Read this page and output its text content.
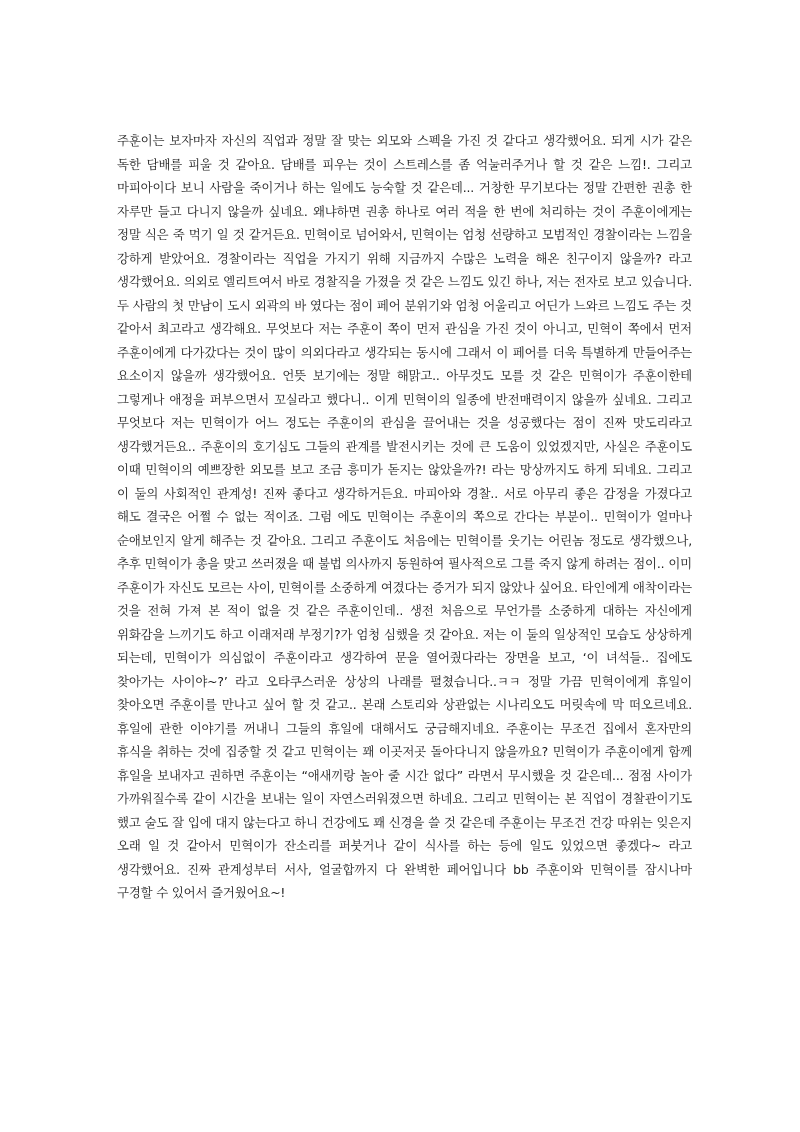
주훈이는 보자마자 자신의 직업과 정말 잘 맞는 외모와 스펙을 가진 것 같다고 생각했어요. 되게 시가 같은 독한 담배를 피울 것 같아요. 담배를 피우는 것이 스트레스를 좀 억눌러주거나 할 것 같은 느낌!. 그리고 마피아이다 보니 사람을 죽이거나 하는 일에도 능숙할 것 같은데... 거창한 무기보다는 정말 간편한 권총 한 자루만 들고 다니지 않을까 싶네요. 왜냐하면 권총 하나로 여러 적을 한 번에 처리하는 것이 주훈이에게는 정말 식은 죽 먹기 일 것 같거든요. 민혁이로 넘어와서, 민혁이는 엄청 선량하고 모범적인 경찰이라는 느낌을 강하게 받았어요. 경찰이라는 직업을 가지기 위해 지금까지 수많은 노력을 해온 친구이지 않을까? 라고 생각했어요. 의외로 엘리트여서 바로 경찰직을 가졌을 것 같은 느낌도 있긴 하나, 저는 전자로 보고 있습니다. 두 사람의 첫 만남이 도시 외곽의 바 였다는 점이 페어 분위기와 엄청 어울리고 어딘가 느와르 느낌도 주는 것 같아서 최고라고 생각해요. 무엇보다 저는 주훈이 쪽이 먼저 관심을 가진 것이 아니고, 민혁이 쪽에서 먼저 주훈이에게 다가갔다는 것이 많이 의외다라고 생각되는 동시에 그래서 이 페어를 더욱 특별하게 만들어주는 요소이지 않을까 생각했어요. 언뜻 보기에는 정말 해맑고.. 아무것도 모를 것 같은 민혁이가 주훈이한테 그렇게나 애정을 퍼부으면서 꼬실라고 했다니.. 이게 민혁이의 일종에 반전매력이지 않을까 싶네요. 그리고 무엇보다 저는 민혁이가 어느 정도는 주훈이의 관심을 끌어내는 것을 성공했다는 점이 진짜 맛도리라고 생각했거든요.. 주훈이의 호기심도 그들의 관계를 발전시키는 것에 큰 도움이 있었겠지만, 사실은 주훈이도 이때 민혁이의 예쁘장한 외모를 보고 조금 흥미가 돋지는 않았을까?! 라는 망상까지도 하게 되네요. 그리고 이 둘의 사회적인 관계성! 진짜 좋다고 생각하거든요. 마피아와 경찰.. 서로 아무리 좋은 감정을 가졌다고 해도 결국은 어쩔 수 없는 적이죠. 그럼 에도 민혁이는 주훈이의 쪽으로 간다는 부분이.. 민혁이가 얼마나 순애보인지 알게 해주는 것 같아요. 그리고 주훈이도 처음에는 민혁이를 웃기는 어린놈 정도로 생각했으나, 추후 민혁이가 총을 맞고 쓰러졌을 때 불법 의사까지 동원하여 필사적으로 그를 죽지 않게 하려는 점이.. 이미 주훈이가 자신도 모르는 사이, 민혁이를 소중하게 여겼다는 증거가 되지 않았나 싶어요. 타인에게 애착이라는 것을 전혀 가져 본 적이 없을 것 같은 주훈이인데.. 생전 처음으로 무언가를 소중하게 대하는 자신에게 위화감을 느끼기도 하고 이래저래 부정기?가 엄청 심했을 것 같아요. 저는 이 둘의 일상적인 모습도 상상하게 되는데, 민혁이가 의심없이 주훈이라고 생각하여 문을 열어줬다라는 장면을 보고, ‘이 녀석들.. 집에도 찾아가는 사이야~?’ 라고 오타쿠스러운 상상의 나래를 펼쳤습니다..ㅋㅋ 정말 가끔 민혁이에게 휴일이 찾아오면 주훈이를 만나고 싶어 할 것 같고.. 본래 스토리와 상관없는 시나리오도 머릿속에 막 떠오르네요. 휴일에 관한 이야기를 꺼내니 그들의 휴일에 대해서도 궁금해지네요. 주훈이는 무조건 집에서 혼자만의 휴식을 취하는 것에 집중할 것 같고 민혁이는 꽤 이곳저곳 돌아다니지 않을까요? 민혁이가 주훈이에게 함께 휴일을 보내자고 권하면 주훈이는 “애새끼랑 놀아 줄 시간 없다” 라면서 무시했을 것 같은데... 점점 사이가 가까워질수록 같이 시간을 보내는 일이 자연스러워졌으면 하네요. 그리고 민혁이는 본 직업이 경찰관이기도 했고 술도 잘 입에 대지 않는다고 하니 건강에도 꽤 신경을 쓸 것 같은데 주훈이는 무조건 건강 따위는 잊은지 오래 일 것 같아서 민혁이가 잔소리를 퍼붓거나 같이 식사를 하는 등에 일도 있었으면 좋겠다~ 라고 생각했어요. 진짜 관계성부터 서사, 얼굴합까지 다 완벽한 페어입니다 bb 주훈이와 민혁이를 잠시나마 구경할 수 있어서 즐거웠어요~!
